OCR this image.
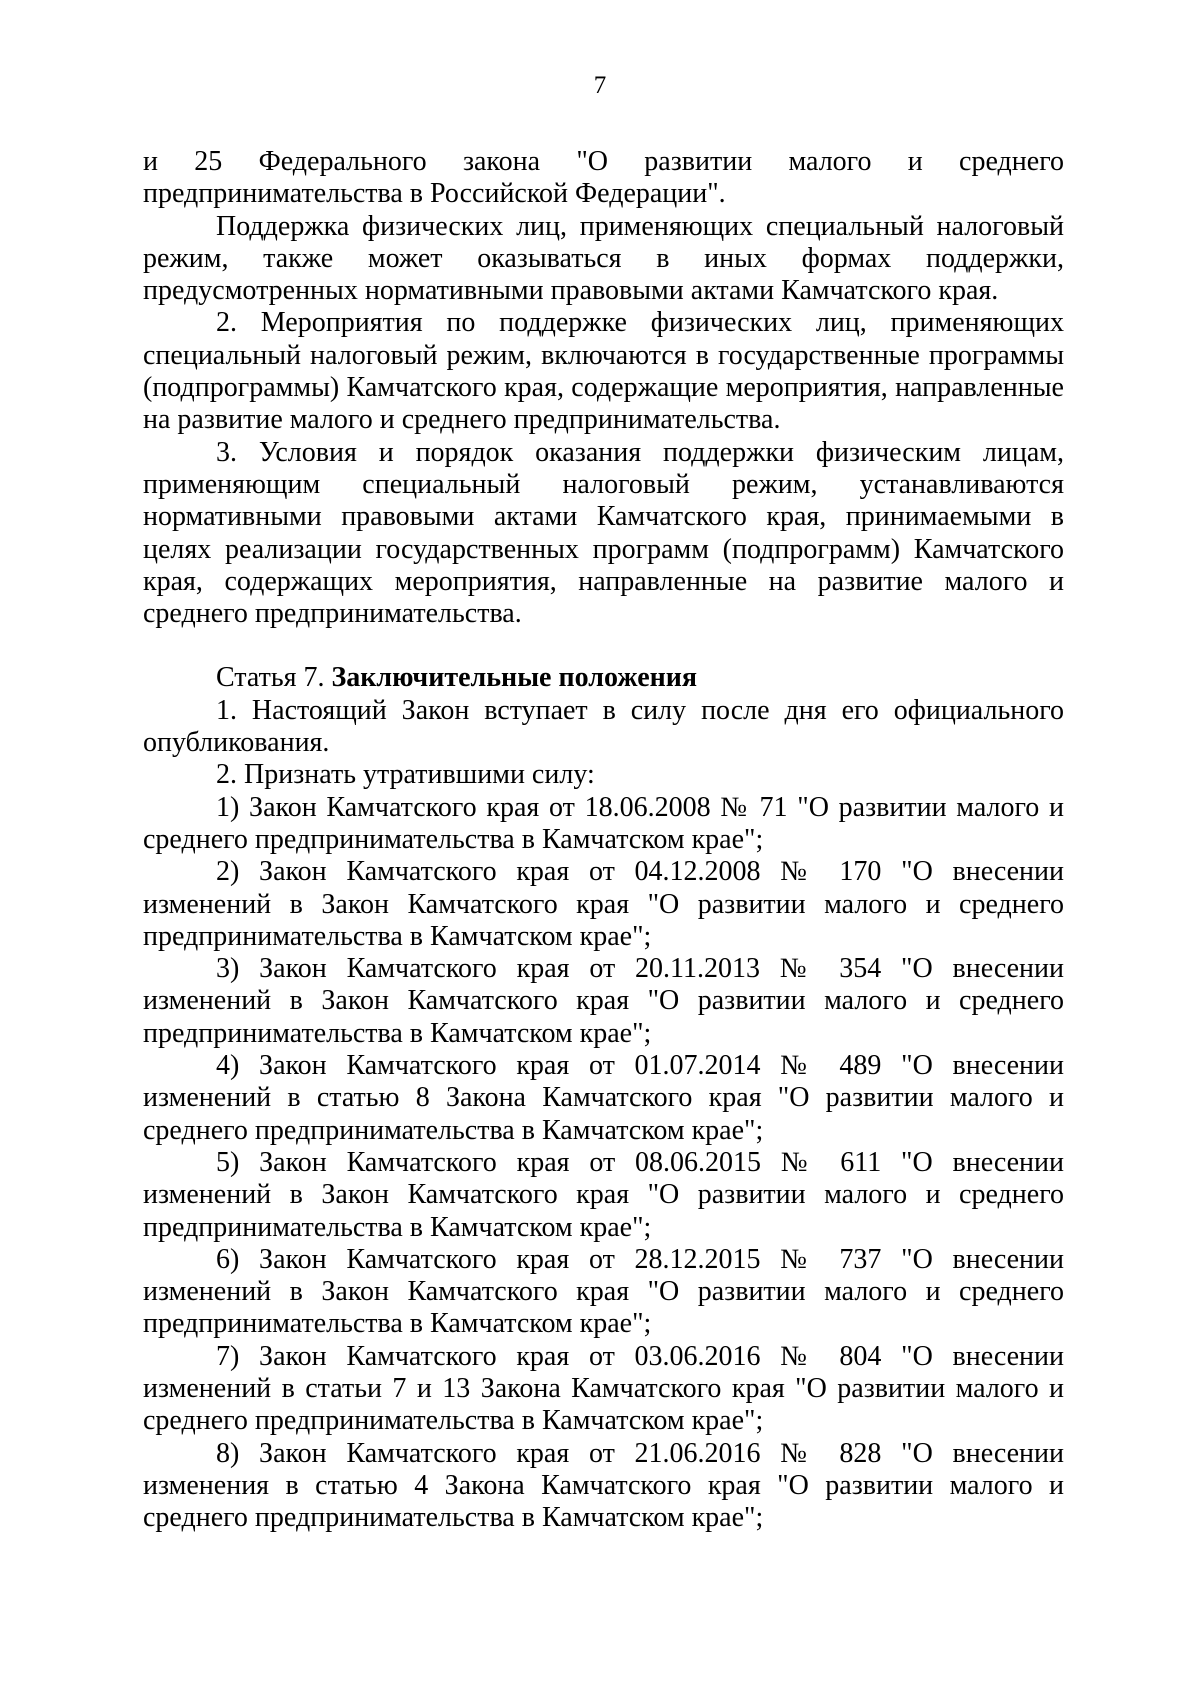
7

и 25 Федерального закона "О развитии малого и среднего предпринимательства в Российской Федерации".

Поддержка физических лиц, применяющих специальный налоговый режим, также может оказываться в иных формах поддержки, предусмотренных нормативными правовыми актами Камчатского края.

2. Мероприятия по поддержке физических лиц, применяющих специальный налоговый режим, включаются в государственные программы (подпрограммы) Камчатского края, содержащие мероприятия, направленные на развитие малого и среднего предпринимательства.

3. Условия и порядок оказания поддержки физическим лицам, применяющим специальный налоговый режим, устанавливаются нормативными правовыми актами Камчатского края, принимаемыми в целях реализации государственных программ (подпрограмм) Камчатского края, содержащих мероприятия, направленные на развитие малого и среднего предпринимательства.

Статья 7. Заключительные положения

1. Настоящий Закон вступает в силу после дня его официального опубликования.

2. Признать утратившими силу:

1) Закон Камчатского края от 18.06.2008 № 71 "О развитии малого и среднего предпринимательства в Камчатском крае";

2) Закон Камчатского края от 04.12.2008 № 170 "О внесении изменений в Закон Камчатского края "О развитии малого и среднего предпринимательства в Камчатском крае";

3) Закон Камчатского края от 20.11.2013 № 354 "О внесении изменений в Закон Камчатского края "О развитии малого и среднего предпринимательства в Камчатском крае";

4) Закон Камчатского края от 01.07.2014 № 489 "О внесении изменений в статью 8 Закона Камчатского края "О развитии малого и среднего предпринимательства в Камчатском крае";

5) Закон Камчатского края от 08.06.2015 № 611 "О внесении изменений в Закон Камчатского края "О развитии малого и среднего предпринимательства в Камчатском крае";

6) Закон Камчатского края от 28.12.2015 № 737 "О внесении изменений в Закон Камчатского края "О развитии малого и среднего предпринимательства в Камчатском крае";

7) Закон Камчатского края от 03.06.2016 № 804 "О внесении изменений в статьи 7 и 13 Закона Камчатского края "О развитии малого и среднего предпринимательства в Камчатском крае";

8) Закон Камчатского края от 21.06.2016 № 828 "О внесении изменения в статью 4 Закона Камчатского края "О развитии малого и среднего предпринимательства в Камчатском крае";
